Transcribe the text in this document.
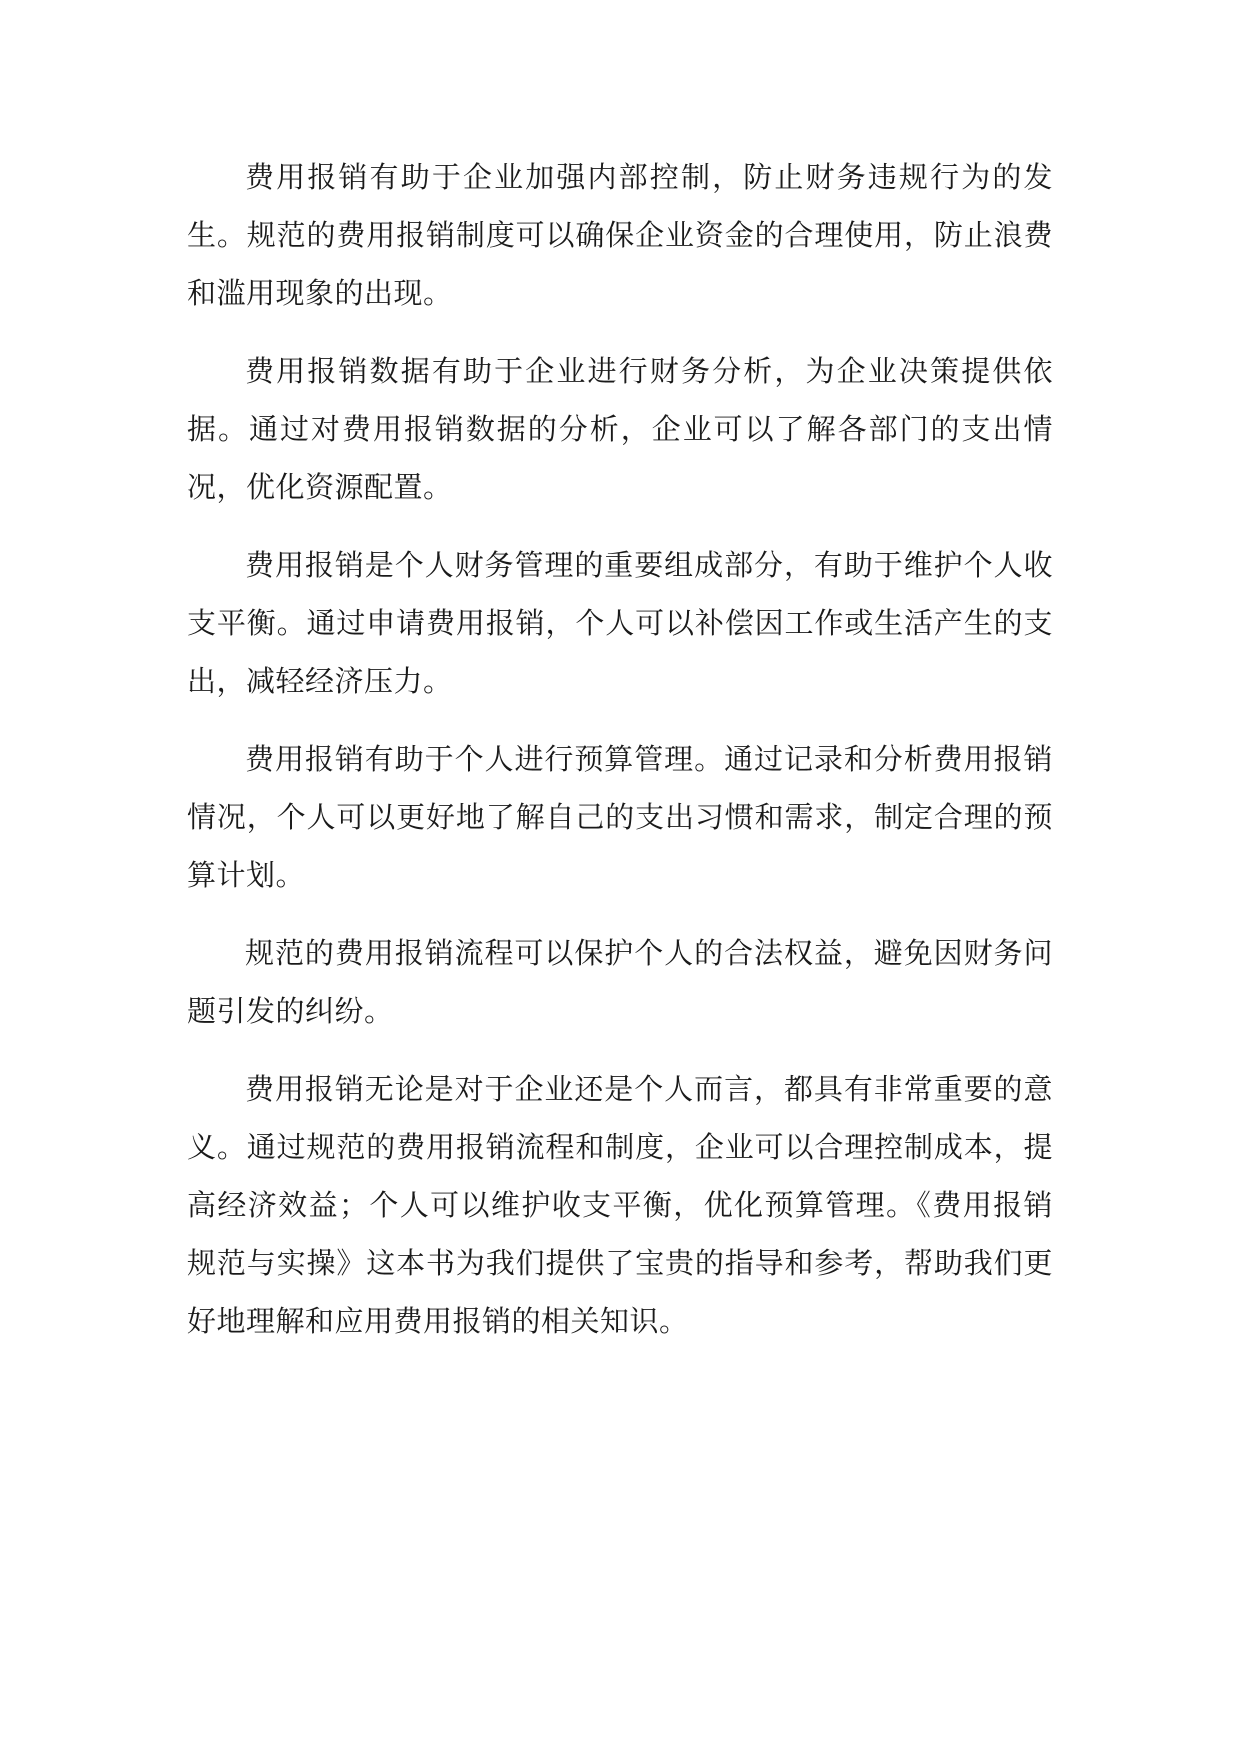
费用报销有助于企业加强内部控制，防止财务违规行为的发生。规范的费用报销制度可以确保企业资金的合理使用，防止浪费和滥用现象的出现。

费用报销数据有助于企业进行财务分析，为企业决策提供依据。通过对费用报销数据的分析，企业可以了解各部门的支出情况，优化资源配置。

费用报销是个人财务管理的重要组成部分，有助于维护个人收支平衡。通过申请费用报销，个人可以补偿因工作或生活产生的支出，减轻经济压力。

费用报销有助于个人进行预算管理。通过记录和分析费用报销情况，个人可以更好地了解自己的支出习惯和需求，制定合理的预算计划。

规范的费用报销流程可以保护个人的合法权益，避免因财务问题引发的纠纷。

费用报销无论是对于企业还是个人而言，都具有非常重要的意义。通过规范的费用报销流程和制度，企业可以合理控制成本，提高经济效益；个人可以维护收支平衡，优化预算管理。《费用报销规范与实操》这本书为我们提供了宝贵的指导和参考，帮助我们更好地理解和应用费用报销的相关知识。
